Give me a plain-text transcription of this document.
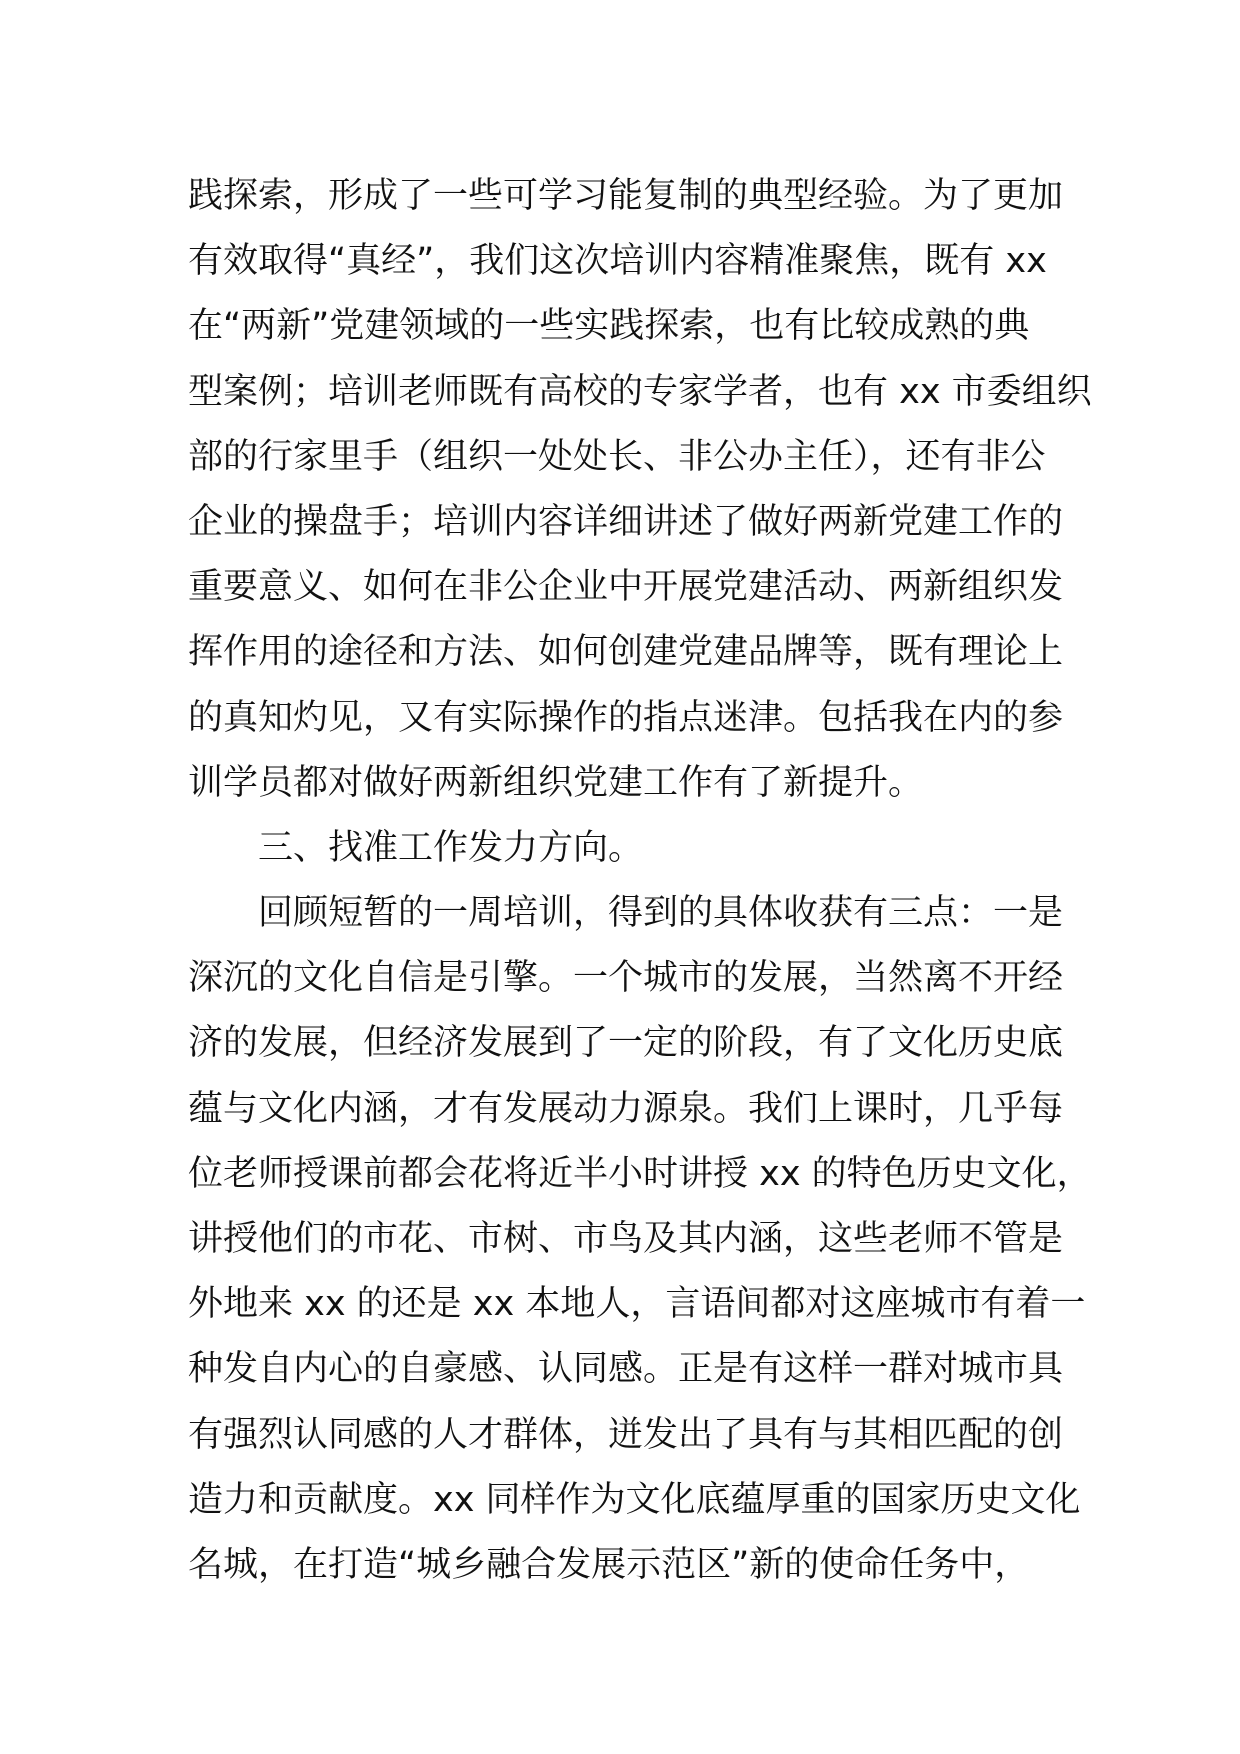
践探索，形成了一些可学习能复制的典型经验。为了更加
有效取得“真经”，我们这次培训内容精准聚焦，既有 xx
在“两新”党建领域的一些实践探索，也有比较成熟的典
型案例；培训老师既有高校的专家学者，也有 xx 市委组织
部的行家里手（组织一处处长、非公办主任），还有非公
企业的操盘手；培训内容详细讲述了做好两新党建工作的
重要意义、如何在非公企业中开展党建活动、两新组织发
挥作用的途径和方法、如何创建党建品牌等，既有理论上
的真知灼见，又有实际操作的指点迷津。包括我在内的参
训学员都对做好两新组织党建工作有了新提升。
三、找准工作发力方向。
回顾短暂的一周培训，得到的具体收获有三点：一是
深沉的文化自信是引擎。一个城市的发展，当然离不开经
济的发展，但经济发展到了一定的阶段，有了文化历史底
蕴与文化内涵，才有发展动力源泉。我们上课时，几乎每
位老师授课前都会花将近半小时讲授 xx 的特色历史文化，
讲授他们的市花、市树、市鸟及其内涵，这些老师不管是
外地来 xx 的还是 xx 本地人，言语间都对这座城市有着一
种发自内心的自豪感、认同感。正是有这样一群对城市具
有强烈认同感的人才群体，迸发出了具有与其相匹配的创
造力和贡献度。xx 同样作为文化底蕴厚重的国家历史文化
名城，在打造“城乡融合发展示范区”新的使命任务中，
